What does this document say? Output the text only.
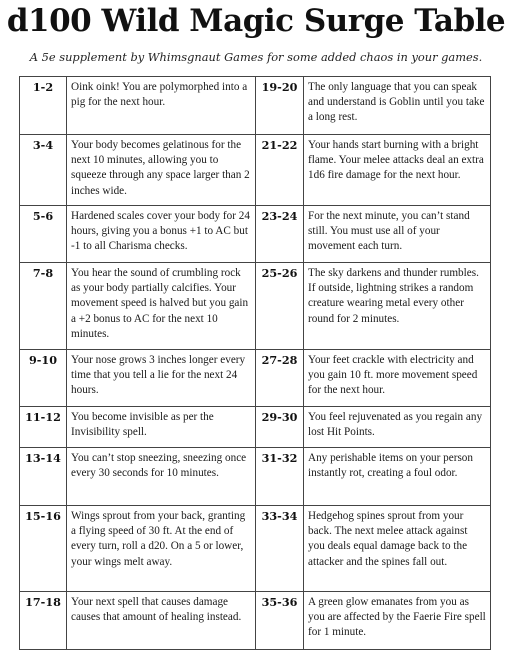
d100 Wild Magic Surge Table
A 5e supplement by Whimsgnaut Games for some added chaos in your games.
1-2	Oink oink! You are polymorphed into a pig for the next hour.	19-20	The only language that you can speak and understand is Goblin until you take a long rest.
3-4	Your body becomes gelatinous for the next 10 minutes, allowing you to squeeze through any space larger than 2 inches wide.	21-22	Your hands start burning with a bright flame. Your melee attacks deal an extra 1d6 fire damage for the next hour.
5-6	Hardened scales cover your body for 24 hours, giving you a bonus +1 to AC but -1 to all Charisma checks.	23-24	For the next minute, you can’t stand still. You must use all of your movement each turn.
7-8	You hear the sound of crumbling rock as your body partially calcifies. Your movement speed is halved but you gain a +2 bonus to AC for the next 10 minutes.	25-26	The sky darkens and thunder rumbles. If outside, lightning strikes a random creature wearing metal every other round for 2 minutes.
9-10	Your nose grows 3 inches longer every time that you tell a lie for the next 24 hours.	27-28	Your feet crackle with electricity and you gain 10 ft. more movement speed for the next hour.
11-12	You become invisible as per the Invisibility spell.	29-30	You feel rejuvenated as you regain any lost Hit Points.
13-14	You can’t stop sneezing, sneezing once every 30 seconds for 10 minutes.	31-32	Any perishable items on your person instantly rot, creating a foul odor.
15-16	Wings sprout from your back, granting a flying speed of 30 ft. At the end of every turn, roll a d20. On a 5 or lower, your wings melt away.	33-34	Hedgehog spines sprout from your back. The next melee attack against you deals equal damage back to the attacker and the spines fall out.
17-18	Your next spell that causes damage causes that amount of healing instead.	35-36	A green glow emanates from you as you are affected by the Faerie Fire spell for 1 minute.
